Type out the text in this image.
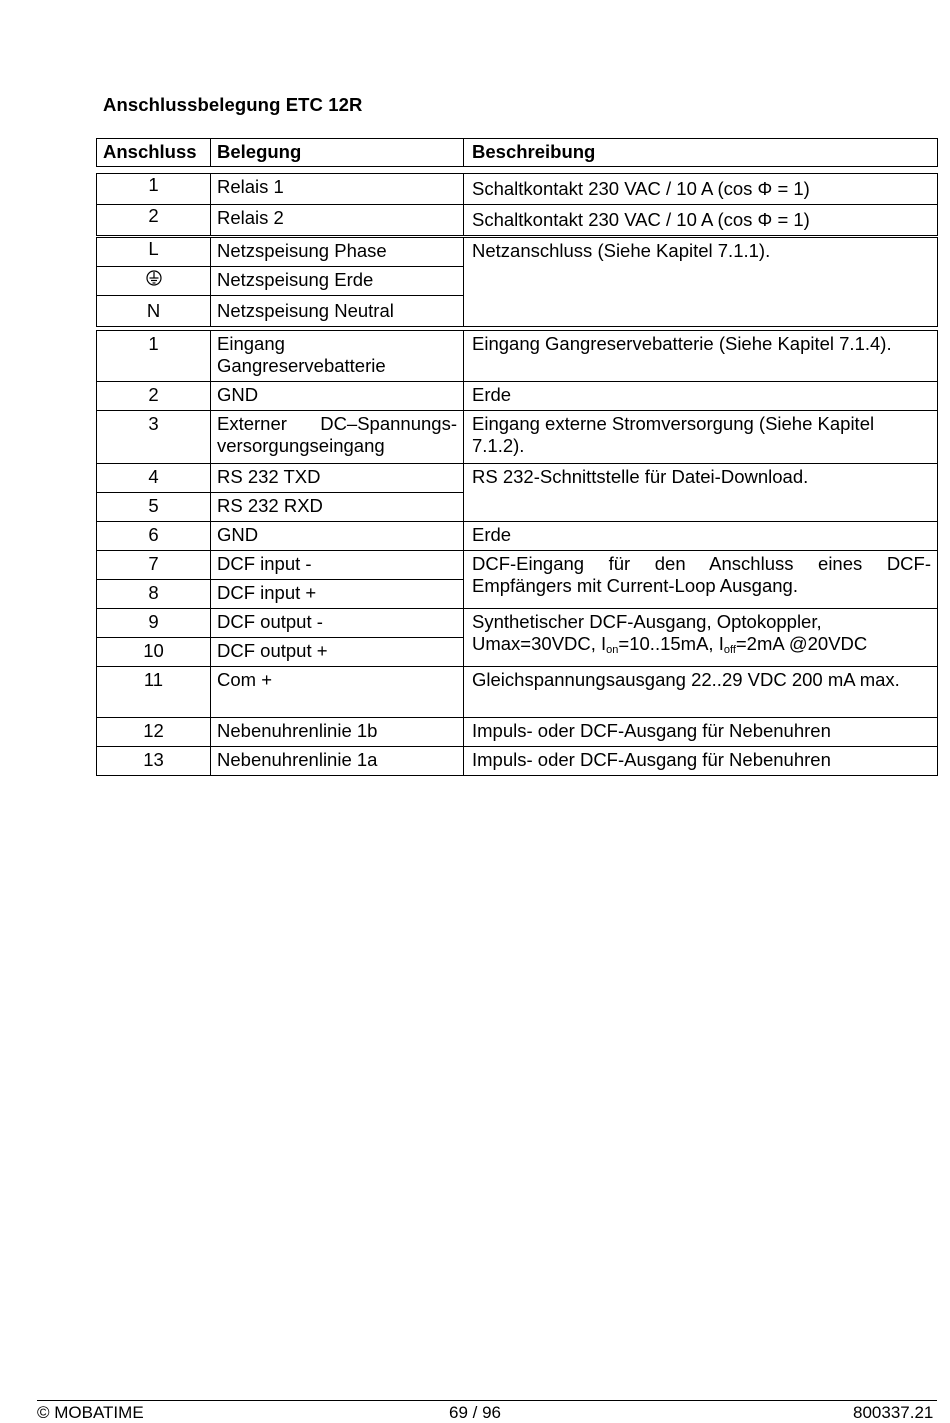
Anschlussbelegung ETC 12R
Anschluss	Belegung	Beschreibung
1	Relais 1	Schaltkontakt 230 VAC / 10 A (cos Φ = 1)
2	Relais 2	Schaltkontakt 230 VAC / 10 A (cos Φ = 1)
L	Netzspeisung Phase	Netzanschluss (Siehe Kapitel 7.1.1).
	Netzspeisung Erde	
N	Netzspeisung Neutral	
1	Eingang Gangreservebatterie	Eingang Gangreservebatterie (Siehe Kapitel 7.1.4).
2	GND	Erde
3	Externer DC–Spannungs-versorgungseingang	Eingang externe Stromversorgung (Siehe Kapitel 7.1.2).
4	RS 232 TXD	RS 232-Schnittstelle für Datei-Download.
5	RS 232 RXD	
6	GND	Erde
7	DCF input -	DCF-Eingang für den Anschluss eines DCF-Empfängers mit Current-Loop Ausgang.
8	DCF input +	
9	DCF output -	Synthetischer DCF-Ausgang, Optokoppler,
Umax=30VDC, $I_{on}=10..15mA$, $I_{off}=2mA$ @20VDC
10	DCF output +	
11	Com +	Gleichspannungsausgang 22..29 VDC 200 mA max.
12	Nebenuhrenlinie 1b	Impuls- oder DCF-Ausgang für Nebenuhren
13	Nebenuhrenlinie 1a	Impuls- oder DCF-Ausgang für Nebenuhren
© MOBATIME	69 / 96	800337.21
